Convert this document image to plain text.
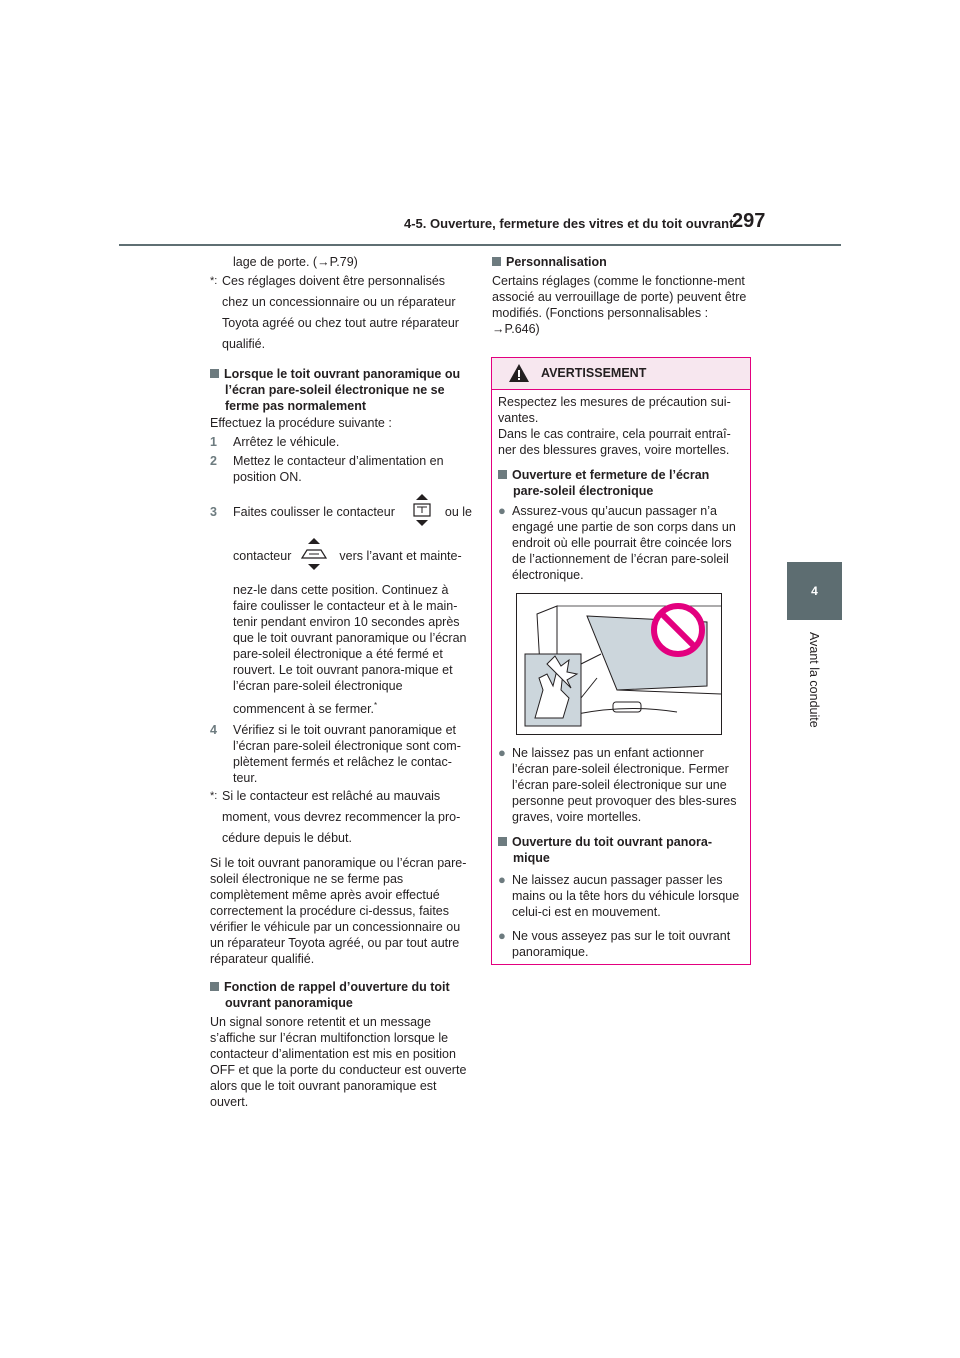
4-5. Ouverture, fermeture des vitres et du toit ouvrant
297
4
Avant la conduite

lage de porte. (→P.79)

*: Ces réglages doivent être personnalisés
chez un concessionnaire ou un réparateur
Toyota agréé ou chez tout autre réparateur
qualifié.

Lorsque le toit ouvrant panoramique ou l’écran pare-soleil électronique ne se ferme pas normalement

Effectuez la procédure suivante :

1	Arrêtez le véhicule.
2	Mettez le contacteur d’alimentation en position ON.
3	Faites coulisser le contacteur	ou le
contacteur	vers l’avant et mainte-
nez-le dans cette position. Continuez à faire coulisser le contacteur et à le main-tenir pendant environ 10 secondes après que le toit ouvrant panoramique ou l’écran pare-soleil électronique a été fermé et rouvert. Le toit ouvrant panora-mique et l’écran pare-soleil électronique
commencent à se fermer.*
4	Vérifiez si le toit ouvrant panoramique et l’écran pare-soleil électronique sont com-plètement fermés et relâchez le contac-teur.
*: Si le contacteur est relâché au mauvais
moment, vous devrez recommencer la pro-
cédure depuis le début.

Si le toit ouvrant panoramique ou l’écran pare-soleil électronique ne se ferme pas complètement même après avoir effectué correctement la procédure ci-dessus, faites vérifier le véhicule par un concessionnaire ou un réparateur Toyota agréé, ou par tout autre réparateur qualifié.

Fonction de rappel d’ouverture du toit ouvrant panoramique

Un signal sonore retentit et un message s’affiche sur l’écran multifonction lorsque le contacteur d’alimentation est mis en position OFF et que la porte du conducteur est ouverte alors que le toit ouvrant panoramique est ouvert.

Personnalisation

Certains réglages (comme le fonctionne-ment associé au verrouillage de porte) peuvent être modifiés. (Fonctions personnalisables : →P.646)

AVERTISSEMENT

Respectez les mesures de précaution sui-vantes.
Dans le cas contraire, cela pourrait entraî-ner des blessures graves, voire mortelles.

Ouverture et fermeture de l’écran pare-soleil électronique

● Assurez-vous qu’aucun passager n’a engagé une partie de son corps dans un endroit où elle pourrait être coincée lors de l’actionnement de l’écran pare-soleil électronique.
● Ne laissez pas un enfant actionner l’écran pare-soleil électronique. Fermer l’écran pare-soleil électronique sur une personne peut provoquer des bles-sures graves, voire mortelles.

Ouverture du toit ouvrant panora-mique

● Ne laissez aucun passager passer les mains ou la tête hors du véhicule lorsque celui-ci est en mouvement.
● Ne vous asseyez pas sur le toit ouvrant panoramique.
